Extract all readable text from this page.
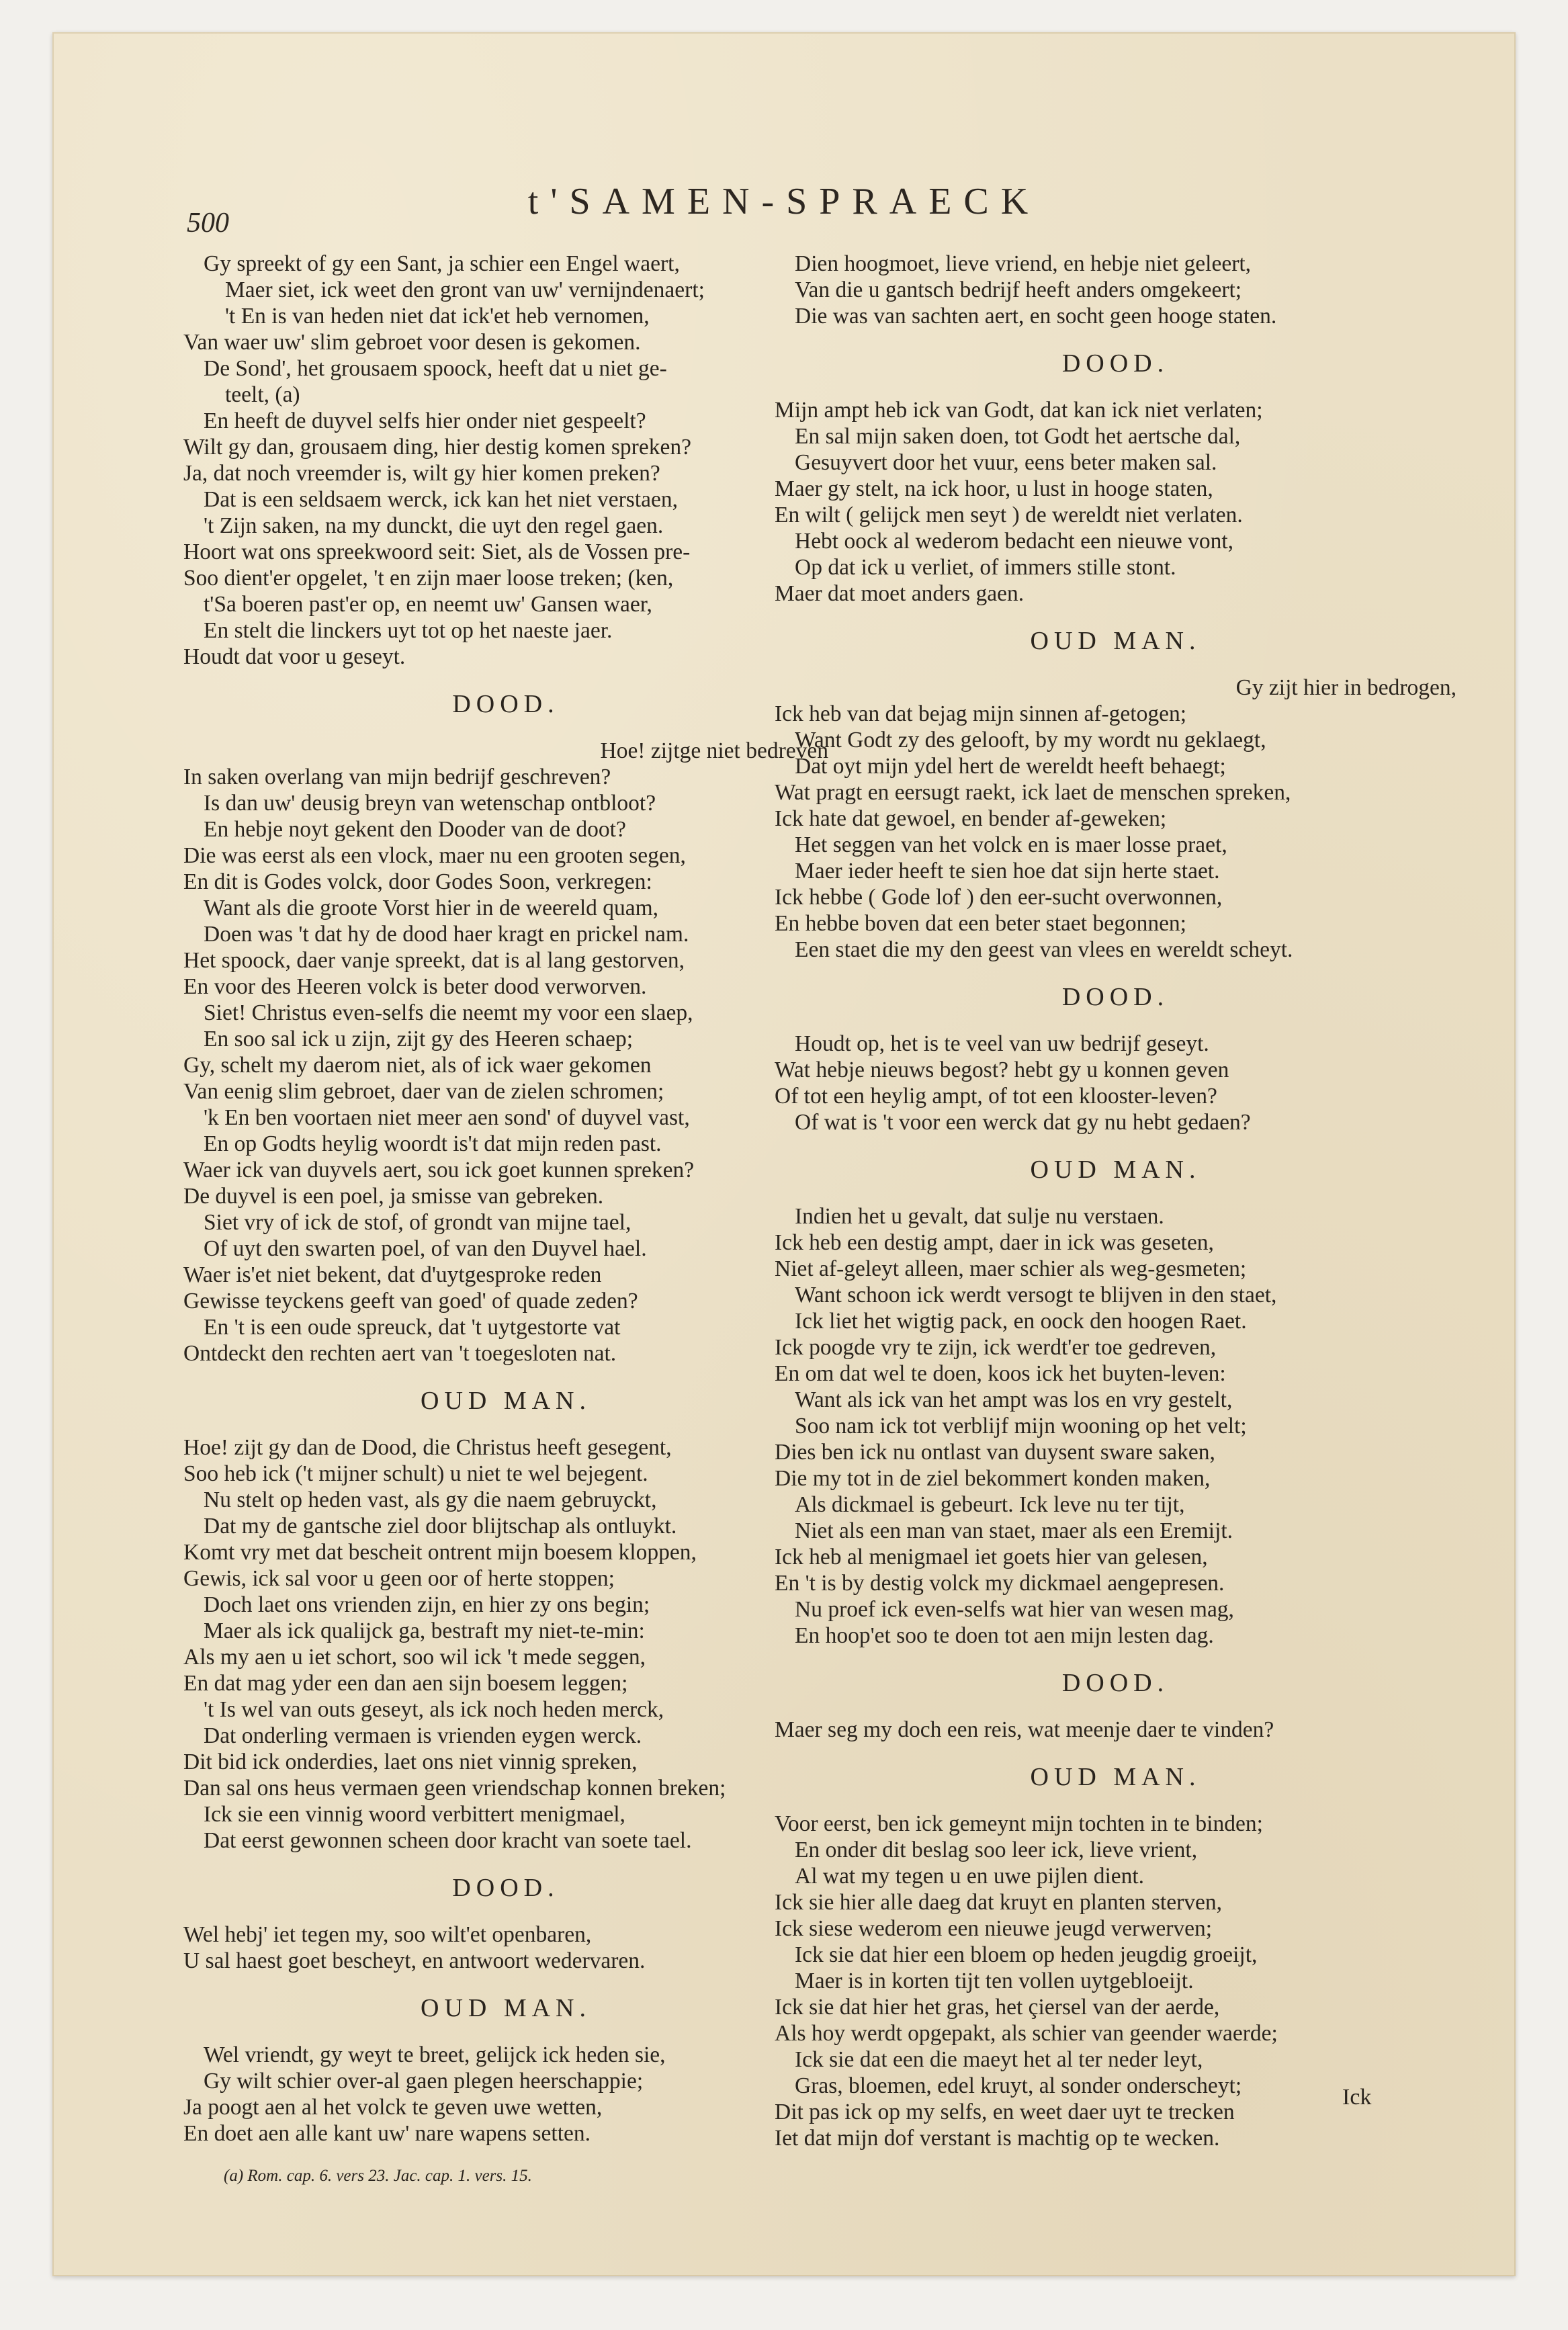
500
t'SAMEN-SPRAECK
Gy spreekt of gy een Sant, ja schier een Engel waert,
Maer siet, ick weet den gront van uw' vernijndenaert;
't En is van heden niet dat ick'et heb vernomen,
Van waer uw' slim gebroet voor desen is gekomen.
De Sond', het grousaem spoock, heeft dat u niet ge-
teelt, (a)
En heeft de duyvel selfs hier onder niet gespeelt?
Wilt gy dan, grousaem ding, hier destig komen spreken?
Ja, dat noch vreemder is, wilt gy hier komen preken?
Dat is een seldsaem werck, ick kan het niet verstaen,
't Zijn saken, na my dunckt, die uyt den regel gaen.
Hoort wat ons spreekwoord seit: Siet, als de Vossen pre-
Soo dient'er opgelet, 't en zijn maer loose treken; (ken,
t'Sa boeren past'er op, en neemt uw' Gansen waer,
En stelt die linckers uyt tot op het naeste jaer.
Houdt dat voor u geseyt.
DOOD.
Hoe! zijtge niet bedreven
In saken overlang van mijn bedrijf geschreven?
Is dan uw' deusig breyn van wetenschap ontbloot?
En hebje noyt gekent den Dooder van de doot?
Die was eerst als een vlock, maer nu een grooten segen,
En dit is Godes volck, door Godes Soon, verkregen:
Want als die groote Vorst hier in de weereld quam,
Doen was 't dat hy de dood haer kragt en prickel nam.
Het spoock, daer vanje spreekt, dat is al lang gestorven,
En voor des Heeren volck is beter dood verworven.
Siet! Christus even-selfs die neemt my voor een slaep,
En soo sal ick u zijn, zijt gy des Heeren schaep;
Gy, schelt my daerom niet, als of ick waer gekomen
Van eenig slim gebroet, daer van de zielen schromen;
'k En ben voortaen niet meer aen sond' of duyvel vast,
En op Godts heylig woordt is't dat mijn reden past.
Waer ick van duyvels aert, sou ick goet kunnen spreken?
De duyvel is een poel, ja smisse van gebreken.
Siet vry of ick de stof, of grondt van mijne tael,
Of uyt den swarten poel, of van den Duyvel hael.
Waer is'et niet bekent, dat d'uytgesproke reden
Gewisse teyckens geeft van goed' of quade zeden?
En 't is een oude spreuck, dat 't uytgestorte vat
Ontdeckt den rechten aert van 't toegesloten nat.
OUD MAN.
Hoe! zijt gy dan de Dood, die Christus heeft gesegent,
Soo heb ick ('t mijner schult) u niet te wel bejegent.
Nu stelt op heden vast, als gy die naem gebruyckt,
Dat my de gantsche ziel door blijtschap als ontluykt.
Komt vry met dat bescheit ontrent mijn boesem kloppen,
Gewis, ick sal voor u geen oor of herte stoppen;
Doch laet ons vrienden zijn, en hier zy ons begin;
Maer als ick qualijck ga, bestraft my niet-te-min:
Als my aen u iet schort, soo wil ick 't mede seggen,
En dat mag yder een dan aen sijn boesem leggen;
't Is wel van outs geseyt, als ick noch heden merck,
Dat onderling vermaen is vrienden eygen werck.
Dit bid ick onderdies, laet ons niet vinnig spreken,
Dan sal ons heus vermaen geen vriendschap konnen breken;
Ick sie een vinnig woord verbittert menigmael,
Dat eerst gewonnen scheen door kracht van soete tael.
DOOD.
Wel hebj' iet tegen my, soo wilt'et openbaren,
U sal haest goet bescheyt, en antwoort wedervaren.
OUD MAN.
Wel vriendt, gy weyt te breet, gelijck ick heden sie,
Gy wilt schier over-al gaen plegen heerschappie;
Ja poogt aen al het volck te geven uwe wetten,
En doet aen alle kant uw' nare wapens setten.
(a) Rom. cap. 6. vers 23. Jac. cap. 1. vers. 15.
Dien hoogmoet, lieve vriend, en hebje niet geleert,
Van die u gantsch bedrijf heeft anders omgekeert;
Die was van sachten aert, en socht geen hooge staten.
DOOD.
Mijn ampt heb ick van Godt, dat kan ick niet verlaten;
En sal mijn saken doen, tot Godt het aertsche dal,
Gesuyvert door het vuur, eens beter maken sal.
Maer gy stelt, na ick hoor, u lust in hooge staten,
En wilt ( gelijck men seyt ) de wereldt niet verlaten.
Hebt oock al wederom bedacht een nieuwe vont,
Op dat ick u verliet, of immers stille stont.
Maer dat moet anders gaen.
OUD MAN.
Gy zijt hier in bedrogen,
Ick heb van dat bejag mijn sinnen af-getogen;
Want Godt zy des gelooft, by my wordt nu geklaegt,
Dat oyt mijn ydel hert de wereldt heeft behaegt;
Wat pragt en eersugt raekt, ick laet de menschen spreken,
Ick hate dat gewoel, en bender af-geweken;
Het seggen van het volck en is maer losse praet,
Maer ieder heeft te sien hoe dat sijn herte staet.
Ick hebbe ( Gode lof ) den eer-sucht overwonnen,
En hebbe boven dat een beter staet begonnen;
Een staet die my den geest van vlees en wereldt scheyt.
DOOD.
Houdt op, het is te veel van uw bedrijf geseyt.
Wat hebje nieuws begost? hebt gy u konnen geven
Of tot een heylig ampt, of tot een klooster-leven?
Of wat is 't voor een werck dat gy nu hebt gedaen?
OUD MAN.
Indien het u gevalt, dat sulje nu verstaen.
Ick heb een destig ampt, daer in ick was geseten,
Niet af-geleyt alleen, maer schier als weg-gesmeten;
Want schoon ick werdt versogt te blijven in den staet,
Ick liet het wigtig pack, en oock den hoogen Raet.
Ick poogde vry te zijn, ick werdt'er toe gedreven,
En om dat wel te doen, koos ick het buyten-leven:
Want als ick van het ampt was los en vry gestelt,
Soo nam ick tot verblijf mijn wooning op het velt;
Dies ben ick nu ontlast van duysent sware saken,
Die my tot in de ziel bekommert konden maken,
Als dickmael is gebeurt. Ick leve nu ter tijt,
Niet als een man van staet, maer als een Eremijt.
Ick heb al menigmael iet goets hier van gelesen,
En 't is by destig volck my dickmael aengepresen.
Nu proef ick even-selfs wat hier van wesen mag,
En hoop'et soo te doen tot aen mijn lesten dag.
DOOD.
Maer seg my doch een reis, wat meenje daer te vinden?
OUD MAN.
Voor eerst, ben ick gemeynt mijn tochten in te binden;
En onder dit beslag soo leer ick, lieve vrient,
Al wat my tegen u en uwe pijlen dient.
Ick sie hier alle daeg dat kruyt en planten sterven,
Ick siese wederom een nieuwe jeugd verwerven;
Ick sie dat hier een bloem op heden jeugdig groeijt,
Maer is in korten tijt ten vollen uytgebloeijt.
Ick sie dat hier het gras, het çiersel van der aerde,
Als hoy werdt opgepakt, als schier van geender waerde;
Ick sie dat een die maeyt het al ter neder leyt,
Gras, bloemen, edel kruyt, al sonder onderscheyt;
Dit pas ick op my selfs, en weet daer uyt te trecken
Iet dat mijn dof verstant is machtig op te wecken.
Ick
